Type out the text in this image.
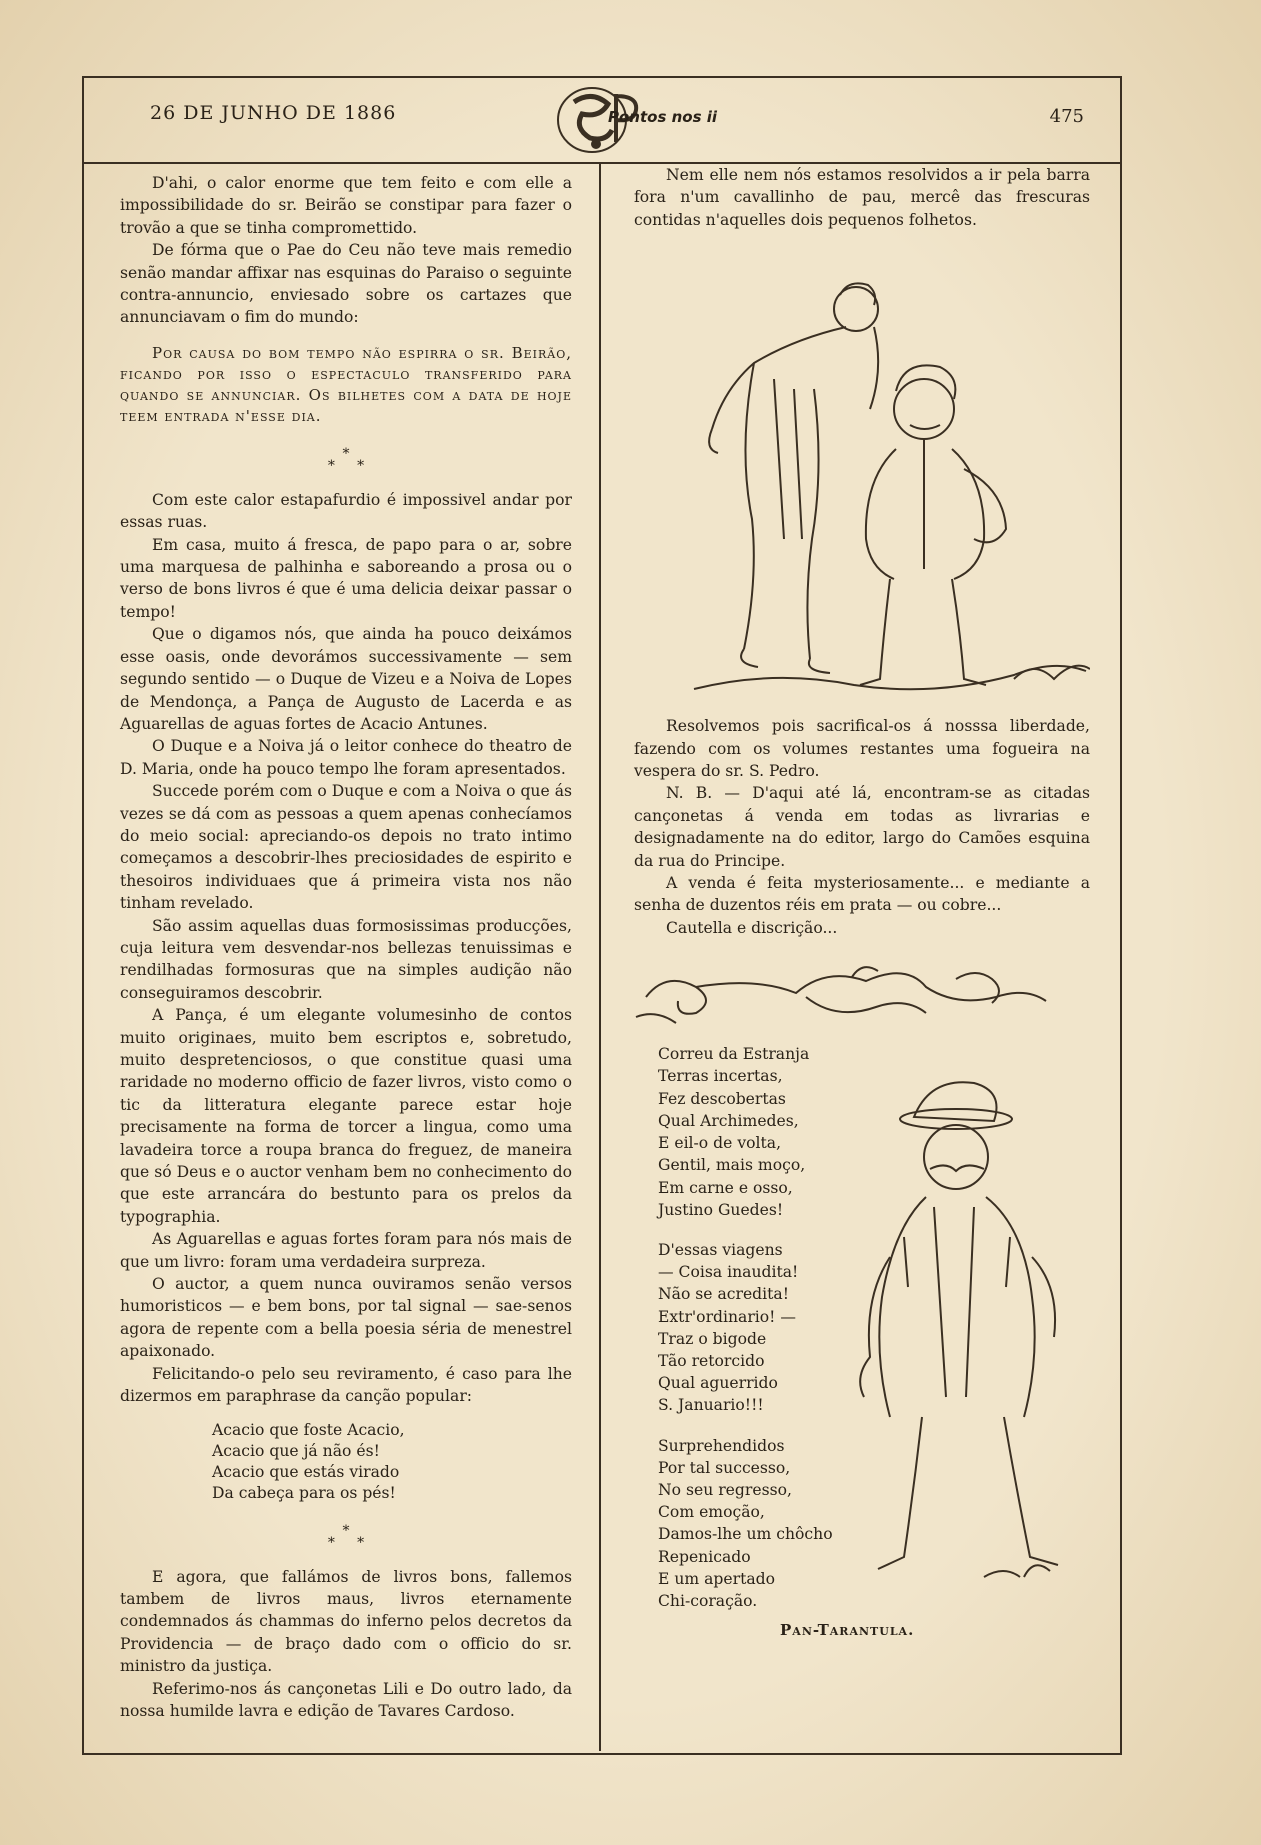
26 DE JUNHO DE 1886	Pontos nos ii	475

D'ahi, o calor enorme que tem feito e com elle a impossibilidade do sr. Beirão se constipar para fazer o trovão a que se tinha compromettido.

De fórma que o Pae do Ceu não teve mais remedio senão mandar affixar nas esquinas do Paraiso o seguinte contra-annuncio, enviesado sobre os cartazes que annunciavam o fim do mundo:

Por causa do bom tempo não espirra o sr. Beirão, ficando por isso o espectaculo transferido para quando se annunciar. Os bilhetes com a data de hoje teem entrada n'esse dia.
*
*     *

Com este calor estapafurdio é impossivel andar por essas ruas.

Em casa, muito á fresca, de papo para o ar, sobre uma marquesa de palhinha e saboreando a prosa ou o verso de bons livros é que é uma delicia deixar passar o tempo!

Que o digamos nós, que ainda ha pouco deixámos esse oasis, onde devorámos successivamente — sem segundo sentido — o Duque de Vizeu e a Noiva de Lopes de Mendonça, a Pança de Augusto de Lacerda e as Aguarellas de aguas fortes de Acacio Antunes.

O Duque e a Noiva já o leitor conhece do theatro de D. Maria, onde ha pouco tempo lhe foram apresentados.

Succede porém com o Duque e com a Noiva o que ás vezes se dá com as pessoas a quem apenas conhecíamos do meio social: apreciando-os depois no trato intimo começamos a descobrir-lhes preciosidades de espirito e thesoiros individuaes que á primeira vista nos não tinham revelado.

São assim aquellas duas formosissimas producções, cuja leitura vem desvendar-nos bellezas tenuissimas e rendilhadas formosuras que na simples audição não conseguiramos descobrir.

A Pança, é um elegante volumesinho de contos muito originaes, muito bem escriptos e, sobretudo, muito despretenciosos, o que constitue quasi uma raridade no moderno officio de fazer livros, visto como o tic da litteratura elegante parece estar hoje precisamente na forma de torcer a lingua, como uma lavadeira torce a roupa branca do freguez, de maneira que só Deus e o auctor venham bem no conhecimento do que este arrancára do bestunto para os prelos da typographia.

As Aguarellas e aguas fortes foram para nós mais de que um livro: foram uma verdadeira surpreza.

O auctor, a quem nunca ouviramos senão versos humoristicos — e bem bons, por tal signal — sae-senos agora de repente com a bella poesia séria de menestrel apaixonado.

Felicitando-o pelo seu reviramento, é caso para lhe dizermos em paraphrase da canção popular:

Acacio que foste Acacio,
Acacio que já não és!
Acacio que estás virado
Da cabeça para os pés!
*
*     *

E agora, que fallámos de livros bons, fallemos tambem de livros maus, livros eternamente condemnados ás chammas do inferno pelos decretos da Providencia — de braço dado com o officio do sr. ministro da justiça.

Referimo-nos ás cançonetas Lili e Do outro lado, da nossa humilde lavra e edição de Tavares Cardoso.

Nem elle nem nós estamos resolvidos a ir pela barra fora n'um cavallinho de pau, mercê das frescuras contidas n'aquelles dois pequenos folhetos.

Resolvemos pois sacrifical-os á nosssa liberdade, fazendo com os volumes restantes uma fogueira na vespera do sr. S. Pedro.

N. B. — D'aqui até lá, encontram-se as citadas cançonetas á venda em todas as livrarias e designadamente na do editor, largo do Camões esquina da rua do Principe.

A venda é feita mysteriosamente... e mediante a senha de duzentos réis em prata — ou cobre...

Cautella e discrição...

Correu da Estranja
Terras incertas,
Fez descobertas
Qual Archimedes,
E eil-o de volta,
Gentil, mais moço,
Em carne e osso,
Justino Guedes!
D'essas viagens
— Coisa inaudita!
Não se acredita!
Extr'ordinario! —
Traz o bigode
Tão retorcido
Qual aguerrido
S. Januario!!!
Surprehendidos
Por tal successo,
No seu regresso,
Com emoção,
Damos-lhe um chôcho
Repenicado
E um apertado
Chi-coração.
Pan-Tarantula.
